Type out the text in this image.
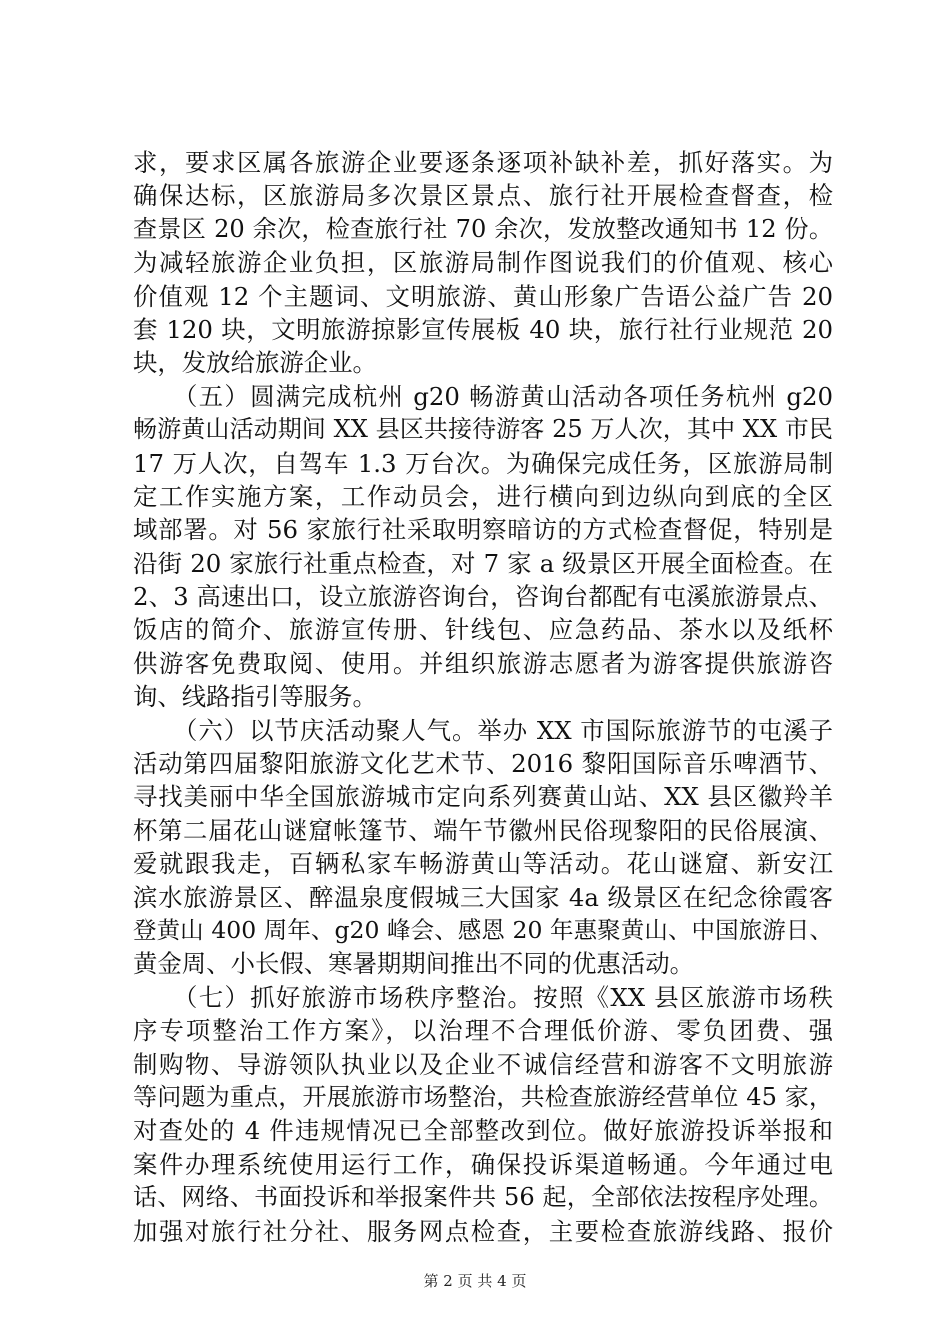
求，要求区属各旅游企业要逐条逐项补缺补差，抓好落实。为
确保达标，区旅游局多次景区景点、旅行社开展检查督查，检
查景区 20 余次，检查旅行社 70 余次，发放整改通知书 12 份。
为减轻旅游企业负担，区旅游局制作图说我们的价值观、核心
价值观 12 个主题词、文明旅游、黄山形象广告语公益广告 20
套 120 块，文明旅游掠影宣传展板 40 块，旅行社行业规范 20
块，发放给旅游企业。
（五）圆满完成杭州 g20 畅游黄山活动各项任务杭州 g20
畅游黄山活动期间 XX 县区共接待游客 25 万人次，其中 XX 市民
17 万人次，自驾车 1.3 万台次。为确保完成任务，区旅游局制
定工作实施方案，工作动员会，进行横向到边纵向到底的全区
域部署。对 56 家旅行社采取明察暗访的方式检查督促，特别是
沿街 20 家旅行社重点检查，对 7 家 a 级景区开展全面检查。在
2、3 高速出口，设立旅游咨询台，咨询台都配有屯溪旅游景点、
饭店的简介、旅游宣传册、针线包、应急药品、茶水以及纸杯
供游客免费取阅、使用。并组织旅游志愿者为游客提供旅游咨
询、线路指引等服务。
（六）以节庆活动聚人气。举办 XX 市国际旅游节的屯溪子
活动第四届黎阳旅游文化艺术节、2016 黎阳国际音乐啤酒节、
寻找美丽中华全国旅游城市定向系列赛黄山站、XX 县区徽羚羊
杯第二届花山谜窟帐篷节、端午节徽州民俗现黎阳的民俗展演、
爱就跟我走，百辆私家车畅游黄山等活动。花山谜窟、新安江
滨水旅游景区、醉温泉度假城三大国家 4a 级景区在纪念徐霞客
登黄山 400 周年、g20 峰会、感恩 20 年惠聚黄山、中国旅游日、
黄金周、小长假、寒暑期期间推出不同的优惠活动。
（七）抓好旅游市场秩序整治。按照《XX 县区旅游市场秩
序专项整治工作方案》，以治理不合理低价游、零负团费、强
制购物、导游领队执业以及企业不诚信经营和游客不文明旅游
等问题为重点，开展旅游市场整治，共检查旅游经营单位 45 家，
对查处的 4 件违规情况已全部整改到位。做好旅游投诉举报和
案件办理系统使用运行工作，确保投诉渠道畅通。今年通过电
话、网络、书面投诉和举报案件共 56 起，全部依法按程序处理。
加强对旅行社分社、服务网点检查，主要检查旅游线路、报价
第 2 页 共 4 页
